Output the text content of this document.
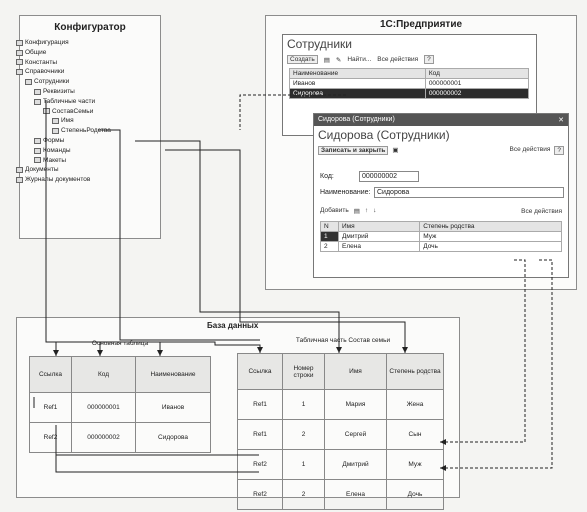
Конфигуратор
Конфигурация
Общие
Константы
Справочники
Сотрудники
Реквизиты
Табличные части
СоставСемьи
Имя
СтепеньРодства
Формы
Команды
Макеты
Документы
Журналы документов
1С:Предприятие
Сотрудники
Создать	▤ ✎ Найти... Все действия	?
Наименование	Код
Иванов	000000001
Сидорова	000000002
Сидорова (Сотрудники)	✕
Сидорова (Сотрудники)
Записать и закрыть	▣	Все действия	?
Код:	000000002
Наименование: Сидорова
Добавить ▤ ↑ ↓	Все действия
N	Имя	Степень родства
1	Дмитрий	Муж
2	Елена	Дочь
База данных
Основная таблица
Ссылка	Код	Наименование
Ref1	000000001	Иванов
Ref2	000000002	Сидорова
Табличная часть Состав семьи
Ссылка	Номер строки	Имя	Степень родства
Ref1	1	Мария	Жена
Ref1	2	Сергей	Сын
Ref2	1	Дмитрий	Муж
Ref2	2	Елена	Дочь
